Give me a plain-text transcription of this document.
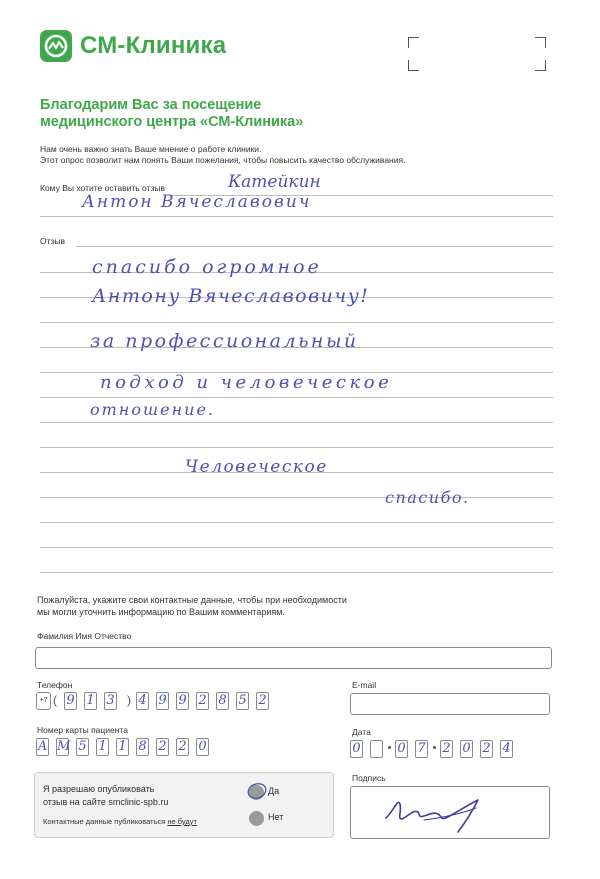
СМ-Клиника
Благодарим Вас за посещение
медицинского центра «СМ-Клиника»
Нам очень важно знать Ваше мнение о работе клиники.
Этот опрос позволит нам понять Ваши пожелания, чтобы повысить качество обслуживания.
Кому Вы хотите оставить отзыв	Катейкин
Антон Вячеславович
Отзыв
спасибо огромное
Антону Вячеславовичу!
за профессиональный
подход и человеческое
отношение.
Человеческое
спасибо.
Пожалуйста, укажите свои контактные данные, чтобы при необходимости
мы могли уточнить информацию по Вашим комментариям.
Фамилия Имя Отчество
Телефон
+7 (	)
9 1 3 4 9 9 2 8 5 2
E-mail
Номер карты пациента
А М 5 1 1 8 2 2 0
Дата
0	0 7 2 0 2 4
Я разрешаю опубликовать
отзыв на сайте smclinic-spb.ru
Контактные данные публиковаться не будут
Да
Нет
Подпись
